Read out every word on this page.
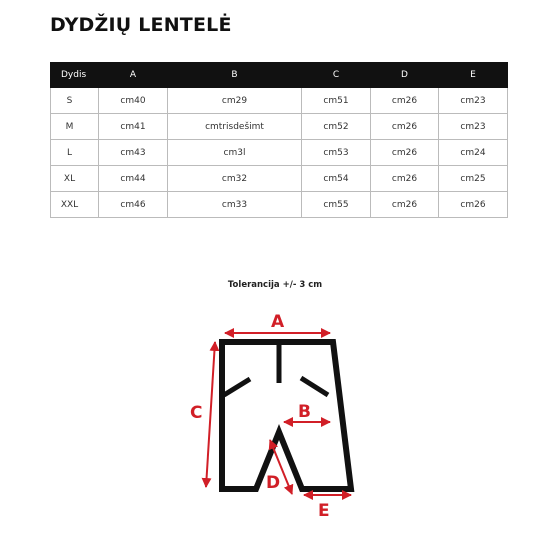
DYDŽIŲ LENTELĖ
Dydis	A	B	C	D	E
S	cm40	cm29	cm51	cm26	cm23
M	cm41	cmtrisdešimt	cm52	cm26	cm23
L	cm43	cm3l	cm53	cm26	cm24
XL	cm44	cm32	cm54	cm26	cm25
XXL	cm46	cm33	cm55	cm26	cm26
Tolerancija +/- 3 cm
A
B
C
D
E
